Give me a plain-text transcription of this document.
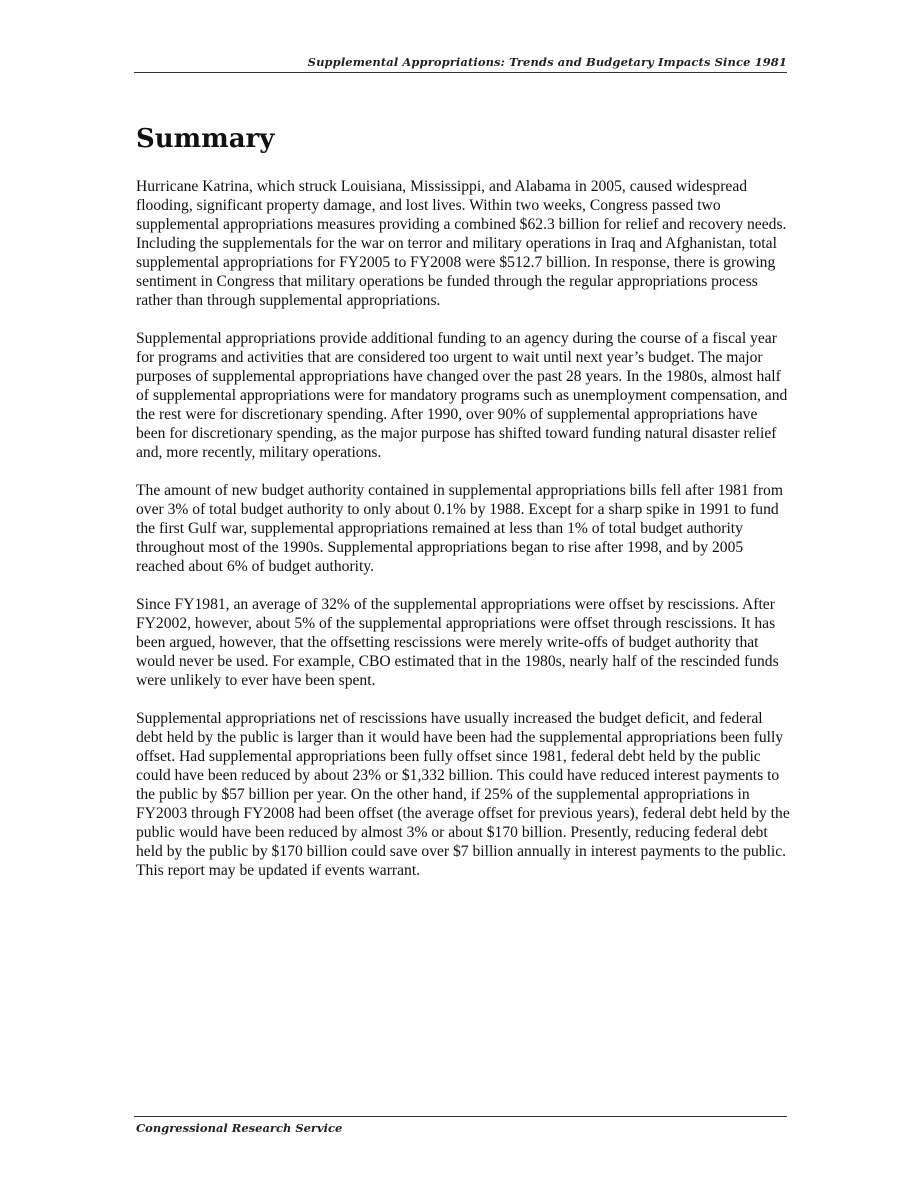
Supplemental Appropriations: Trends and Budgetary Impacts Since 1981
Summary

Hurricane Katrina, which struck Louisiana, Mississippi, and Alabama in 2005, caused widespread flooding, significant property damage, and lost lives. Within two weeks, Congress passed two supplemental appropriations measures providing a combined $62.3 billion for relief and recovery needs. Including the supplementals for the war on terror and military operations in Iraq and Afghanistan, total supplemental appropriations for FY2005 to FY2008 were $512.7 billion. In response, there is growing sentiment in Congress that military operations be funded through the regular appropriations process rather than through supplemental appropriations.

Supplemental appropriations provide additional funding to an agency during the course of a fiscal year for programs and activities that are considered too urgent to wait until next year’s budget. The major purposes of supplemental appropriations have changed over the past 28 years. In the 1980s, almost half of supplemental appropriations were for mandatory programs such as unemployment compensation, and the rest were for discretionary spending. After 1990, over 90% of supplemental appropriations have been for discretionary spending, as the major purpose has shifted toward funding natural disaster relief and, more recently, military operations.

The amount of new budget authority contained in supplemental appropriations bills fell after 1981 from over 3% of total budget authority to only about 0.1% by 1988. Except for a sharp spike in 1991 to fund the first Gulf war, supplemental appropriations remained at less than 1% of total budget authority throughout most of the 1990s. Supplemental appropriations began to rise after 1998, and by 2005 reached about 6% of budget authority.

Since FY1981, an average of 32% of the supplemental appropriations were offset by rescissions. After FY2002, however, about 5% of the supplemental appropriations were offset through rescissions. It has been argued, however, that the offsetting rescissions were merely write-offs of budget authority that would never be used. For example, CBO estimated that in the 1980s, nearly half of the rescinded funds were unlikely to ever have been spent.

Supplemental appropriations net of rescissions have usually increased the budget deficit, and federal debt held by the public is larger than it would have been had the supplemental appropriations been fully offset. Had supplemental appropriations been fully offset since 1981, federal debt held by the public could have been reduced by about 23% or $1,332 billion. This could have reduced interest payments to the public by $57 billion per year. On the other hand, if 25% of the supplemental appropriations in FY2003 through FY2008 had been offset (the average offset for previous years), federal debt held by the public would have been reduced by almost 3% or about $170 billion. Presently, reducing federal debt held by the public by $170 billion could save over $7 billion annually in interest payments to the public. This report may be updated if events warrant.

Congressional Research Service
